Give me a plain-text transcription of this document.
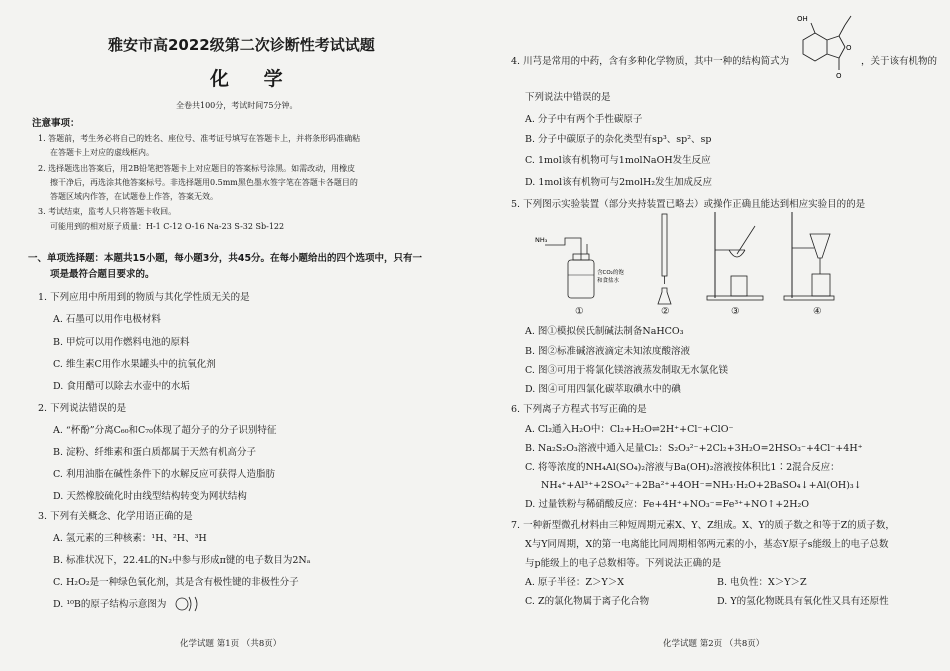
雅安市高2022级第二次诊断性考试试题
化 学
全卷共100分，考试时间75分钟。
注意事项：
1. 答题前，考生务必将自己的姓名、座位号、准考证号填写在答题卡上，并将条形码准确粘
在答题卡上对应的虚线框内。
2. 选择题选出答案后，用2B铅笔把答题卡上对应题目的答案标号涂黑。如需改动，用橡皮
擦干净后，再选涂其他答案标号。非选择题用0.5mm黑色墨水签字笔在答题卡各题目的
答题区域内作答，在试题卷上作答，答案无效。
3. 考试结束，监考人只将答题卡收回。
可能用到的相对原子质量：H-1 C-12 O-16 Na-23 S-32 Sb-122
一、单项选择题：本题共15小题，每小题3分，共45分。在每小题给出的四个选项中，只有一
项是最符合题目要求的。
1. 下列应用中所用到的物质与其化学性质无关的是
A. 石墨可以用作电极材料
B. 甲烷可以用作燃料电池的原料
C. 维生素C用作水果罐头中的抗氧化剂
D. 食用醋可以除去水壶中的水垢
2. 下列说法错误的是
A. “杯酚”分离C₆₀和C₇₀体现了超分子的分子识别特征
B. 淀粉、纤维素和蛋白质都属于天然有机高分子
C. 利用油脂在碱性条件下的水解反应可获得人造脂肪
D. 天然橡胶硫化时由线型结构转变为网状结构
3. 下列有关概念、化学用语正确的是
A. 氢元素的三种核素：¹H、²H、³H
B. 标准状况下，22.4L的N₂中参与形成π键的电子数目为2Nₐ
C. H₂O₂是一种绿色氧化剂，其是含有极性键的非极性分子
D. ¹⁰B的原子结构示意图为
化学试题 第1页 （共8页）
4. 川芎是常用的中药，含有多种化学物质，其中一种的结构简式为
OH
O
O
，关于该有机物的
下列说法中错误的是
A. 分子中有两个手性碳原子
B. 分子中碳原子的杂化类型有sp³、sp²、sp
C. 1mol该有机物可与1molNaOH发生反应
D. 1mol该有机物可与2molH₂发生加成反应
5. 下列图示实验装置（部分夹持装置已略去）或操作正确且能达到相应实验目的的是
NH₃
含CO₂的饱
和食盐水
①	②	③	④
A. 图①模拟侯氏制碱法制备NaHCO₃
B. 图②标准碱溶液滴定未知浓度酸溶液
C. 图③可用于将氯化镁溶液蒸发制取无水氯化镁
D. 图④可用四氯化碳萃取碘水中的碘
6. 下列离子方程式书写正确的是
A. Cl₂通入H₂O中：Cl₂+H₂O⇌2H⁺+Cl⁻+ClO⁻
B. Na₂S₂O₃溶液中通入足量Cl₂：S₂O₃²⁻+2Cl₂+3H₂O=2HSO₃⁻+4Cl⁻+4H⁺
C. 将等浓度的NH₄Al(SO₄)₂溶液与Ba(OH)₂溶液按体积比1∶2混合反应：
NH₄⁺+Al³⁺+2SO₄²⁻+2Ba²⁺+4OH⁻=NH₃·H₂O+2BaSO₄↓+Al(OH)₃↓
D. 过量铁粉与稀硝酸反应：Fe+4H⁺+NO₃⁻=Fe³⁺+NO↑+2H₂O
7. 一种新型微孔材料由三种短周期元素X、Y、Z组成。X、Y的质子数之和等于Z的质子数，
X与Y同周期，X的第一电离能比同周期相邻两元素的小，基态Y原子s能级上的电子总数
与p能级上的电子总数相等。下列说法正确的是
A. 原子半径：Z＞Y＞X	B. 电负性：X＞Y＞Z
C. Z的氯化物属于离子化合物	D. Y的氢化物既具有氧化性又具有还原性
化学试题 第2页 （共8页）
